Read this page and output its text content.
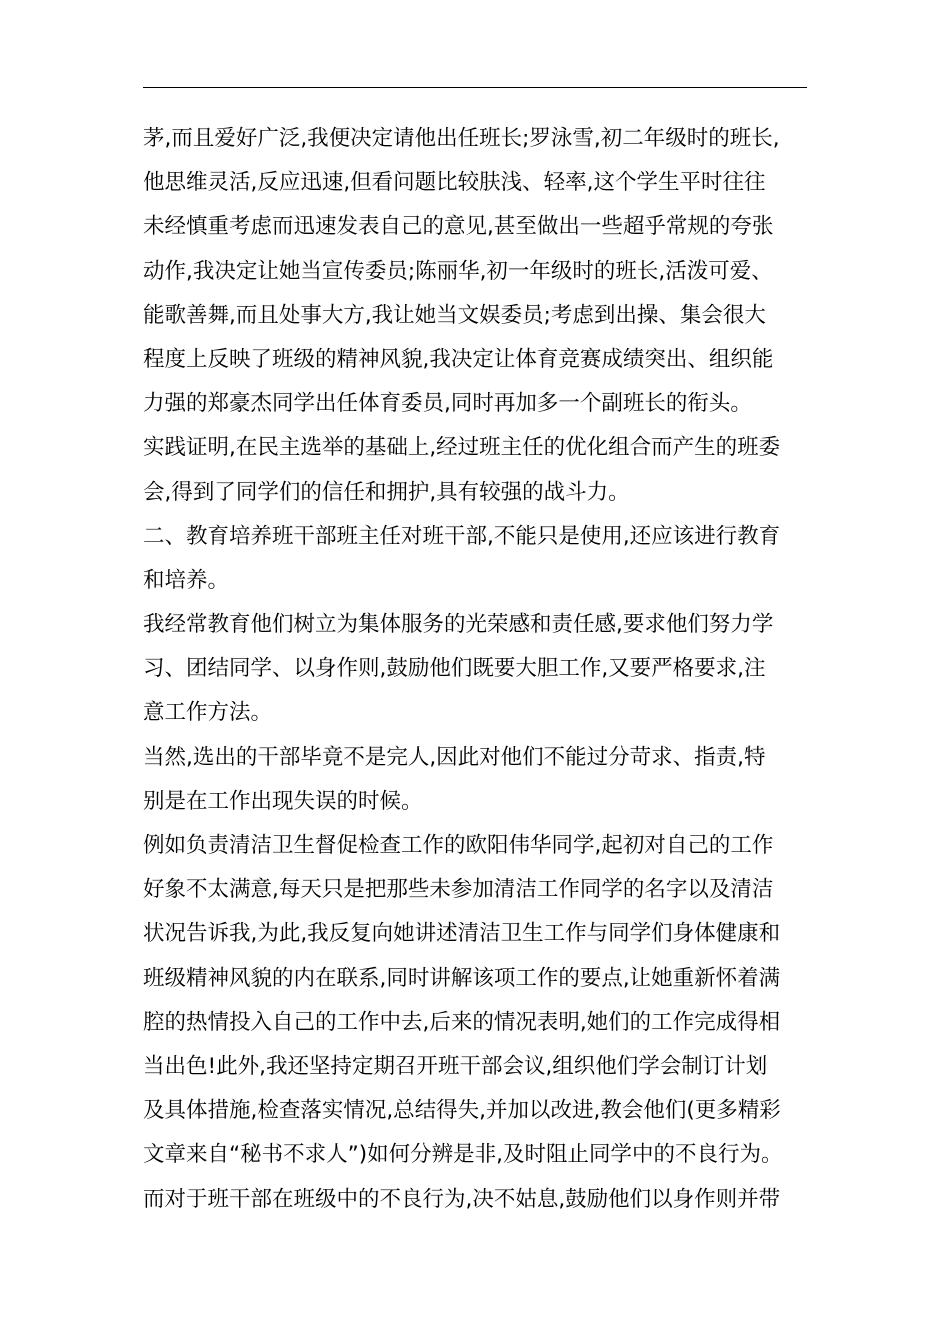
茅,而且爱好广泛,我便决定请他出任班长;罗泳雪,初二年级时的班长,
他思维灵活,反应迅速,但看问题比较肤浅、轻率,这个学生平时往往
未经慎重考虑而迅速发表自己的意见,甚至做出一些超乎常规的夸张
动作,我决定让她当宣传委员;陈丽华,初一年级时的班长,活泼可爱、
能歌善舞,而且处事大方,我让她当文娱委员;考虑到出操、集会很大
程度上反映了班级的精神风貌,我决定让体育竞赛成绩突出、组织能
力强的郑豪杰同学出任体育委员,同时再加多一个副班长的衔头。
实践证明,在民主选举的基础上,经过班主任的优化组合而产生的班委
会,得到了同学们的信任和拥护,具有较强的战斗力。
二、教育培养班干部班主任对班干部,不能只是使用,还应该进行教育
和培养。
我经常教育他们树立为集体服务的光荣感和责任感,要求他们努力学
习、团结同学、以身作则,鼓励他们既要大胆工作,又要严格要求,注
意工作方法。
当然,选出的干部毕竟不是完人,因此对他们不能过分苛求、指责,特
别是在工作出现失误的时候。
例如负责清洁卫生督促检查工作的欧阳伟华同学,起初对自己的工作
好象不太满意,每天只是把那些未参加清洁工作同学的名字以及清洁
状况告诉我,为此,我反复向她讲述清洁卫生工作与同学们身体健康和
班级精神风貌的内在联系,同时讲解该项工作的要点,让她重新怀着满
腔的热情投入自己的工作中去,后来的情况表明,她们的工作完成得相
当出色!此外,我还坚持定期召开班干部会议,组织他们学会制订计划
及具体措施,检查落实情况,总结得失,并加以改进,教会他们(更多精彩
文章来自“秘书不求人”)如何分辨是非,及时阻止同学中的不良行为。
而对于班干部在班级中的不良行为,决不姑息,鼓励他们以身作则并带
